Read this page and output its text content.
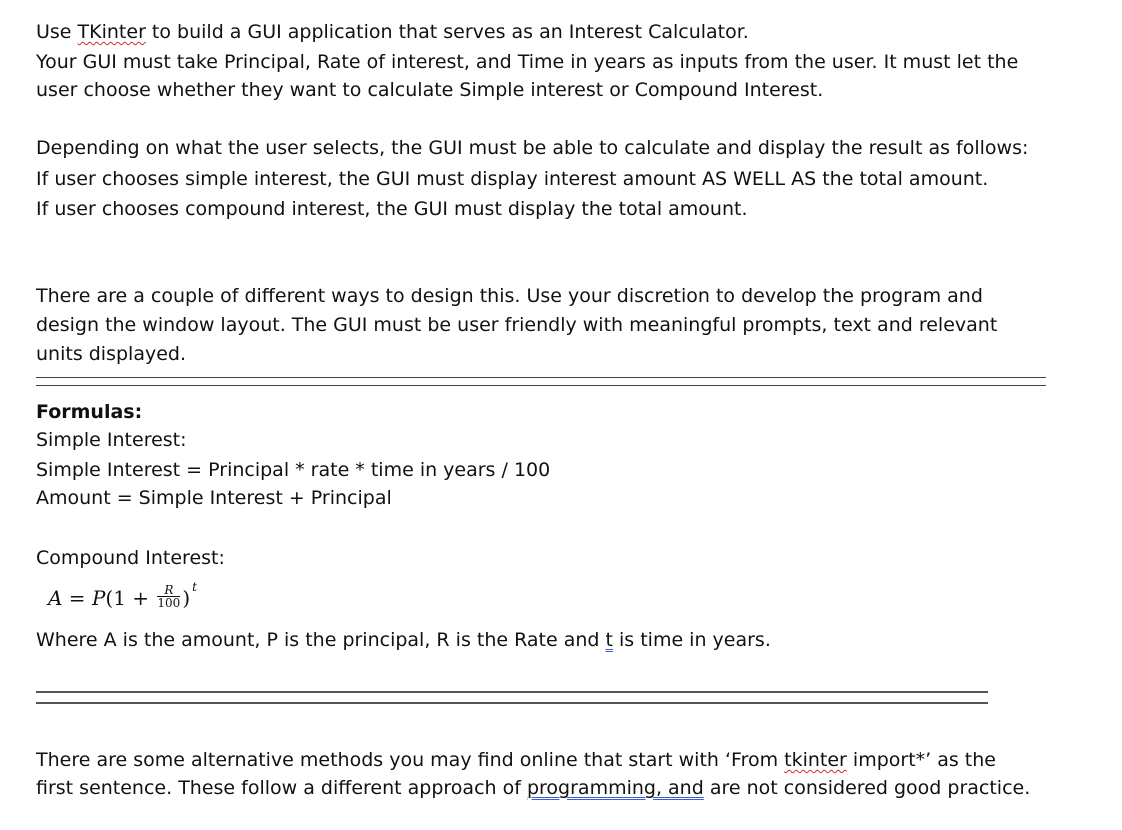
Use TKinter to build a GUI application that serves as an Interest Calculator.
Your GUI must take Principal, Rate of interest, and Time in years as inputs from the user. It must let the
user choose whether they want to calculate Simple interest or Compound Interest.
Depending on what the user selects, the GUI must be able to calculate and display the result as follows:
If user chooses simple interest, the GUI must display interest amount AS WELL AS the total amount.
If user chooses compound interest, the GUI must display the total amount.
There are a couple of different ways to design this. Use your discretion to develop the program and
design the window layout. The GUI must be user friendly with meaningful prompts, text and relevant
units displayed.
Formulas:
Simple Interest:
Simple Interest = Principal * rate * time in years / 100
Amount = Simple Interest + Principal
Compound Interest:
$A = P(1 + \frac{R}{100}$ ) $^t$
Where A is the amount, P is the principal, R is the Rate and t is time in years.
There are some alternative methods you may find online that start with ‘From tkinter import*’ as the
first sentence. These follow a different approach of programming, and are not considered good practice.
